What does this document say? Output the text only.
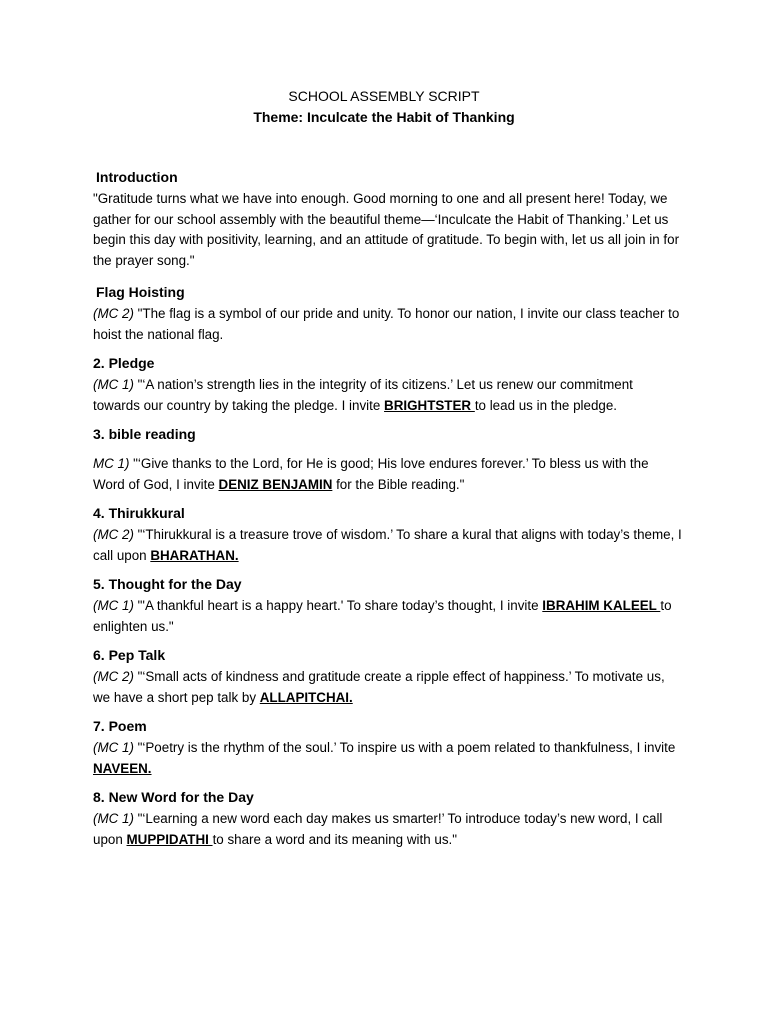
SCHOOL ASSEMBLY SCRIPT

Theme: Inculcate the Habit of Thanking

Introduction

"Gratitude turns what we have into enough. Good morning to one and all present here! Today, we gather for our school assembly with the beautiful theme—‘Inculcate the Habit of Thanking.’ Let us begin this day with positivity, learning, and an attitude of gratitude. To begin with, let us all join in for the prayer song."

Flag Hoisting

(MC 2) "The flag is a symbol of our pride and unity. To honor our nation, I invite our class teacher to hoist the national flag.

2. Pledge

(MC 1) "‘A nation’s strength lies in the integrity of its citizens.’ Let us renew our commitment towards our country by taking the pledge. I invite BRIGHTSTER to lead us in the pledge.

3. bible reading

MC 1) "‘Give thanks to the Lord, for He is good; His love endures forever.’ To bless us with the Word of God, I invite DENIZ BENJAMIN for the Bible reading."

4. Thirukkural

(MC 2) "‘Thirukkural is a treasure trove of wisdom.’ To share a kural that aligns with today’s theme, I call upon BHARATHAN.

5. Thought for the Day

(MC 1) "'A thankful heart is a happy heart.' To share today’s thought, I invite IBRAHIM KALEEL to enlighten us."

6. Pep Talk

(MC 2) "‘Small acts of kindness and gratitude create a ripple effect of happiness.’ To motivate us, we have a short pep talk by ALLAPITCHAI.

7. Poem

(MC 1) "‘Poetry is the rhythm of the soul.’ To inspire us with a poem related to thankfulness, I invite NAVEEN.

8. New Word for the Day

(MC 1) "‘Learning a new word each day makes us smarter!’ To introduce today’s new word, I call upon MUPPIDATHI to share a word and its meaning with us."
